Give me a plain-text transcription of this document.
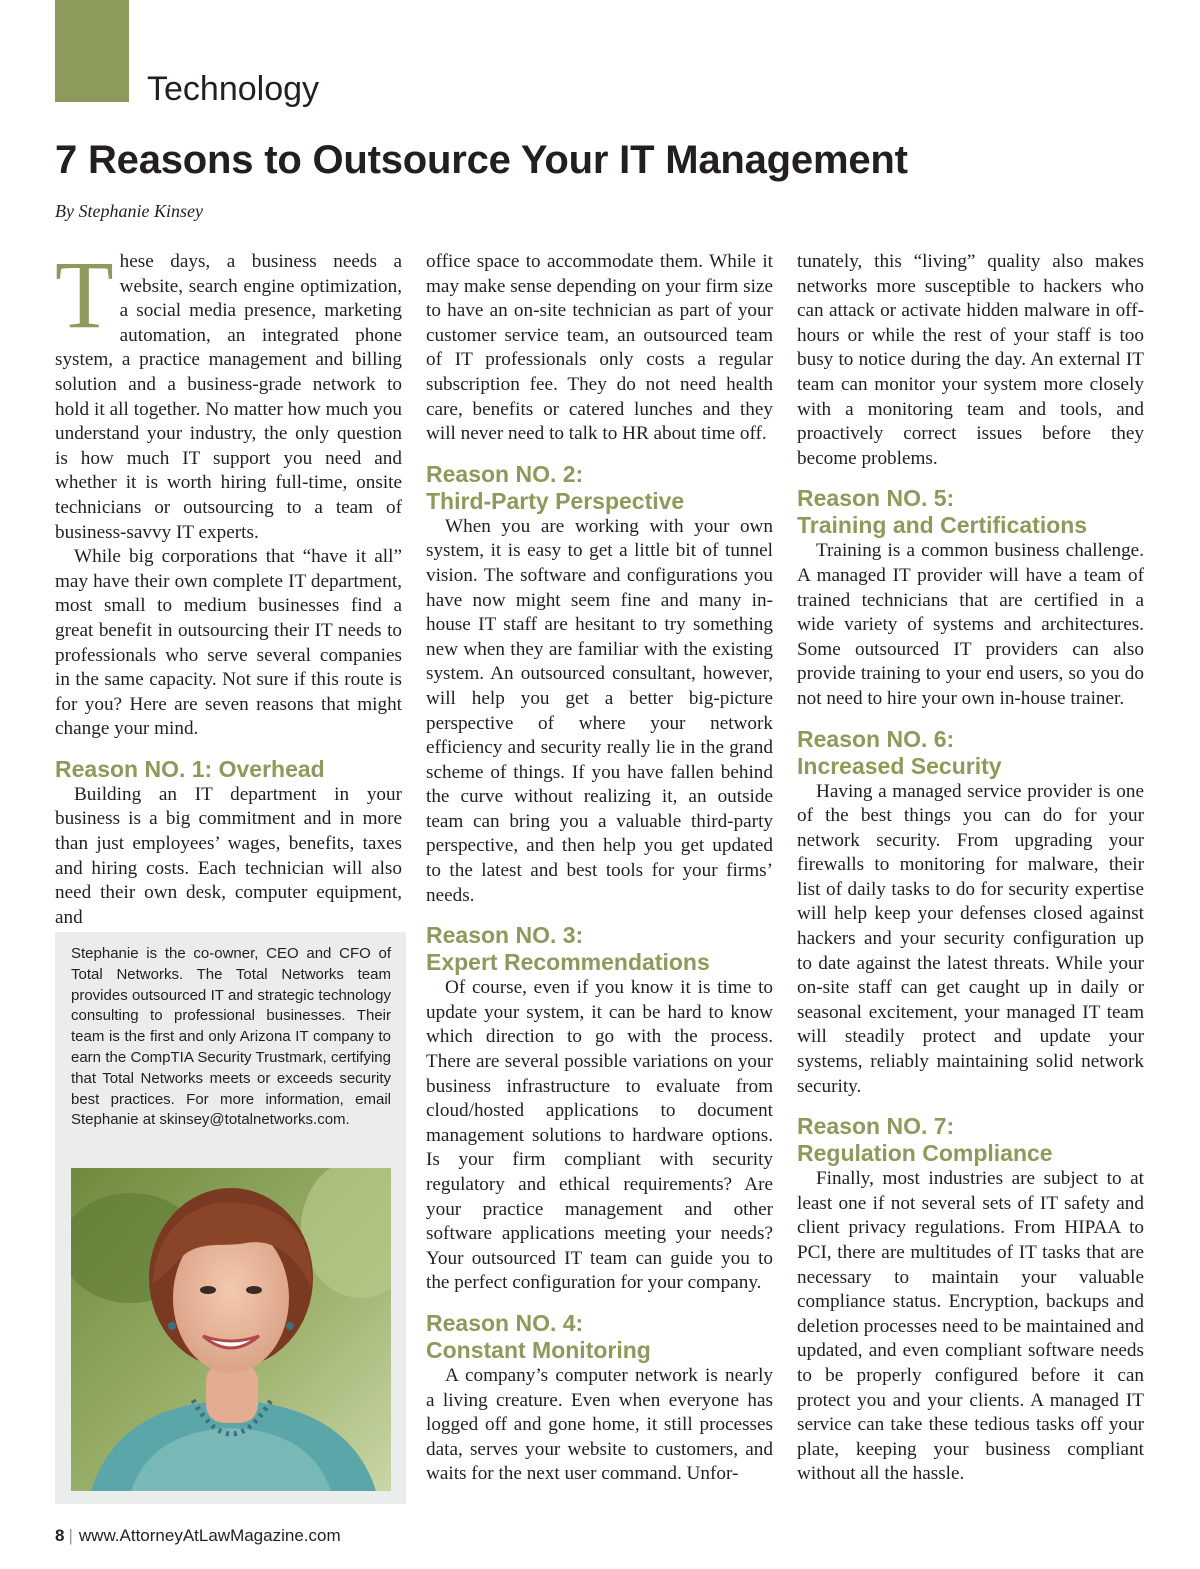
Technology
7 Reasons to Outsource Your IT Management
By Stephanie Kinsey

These days, a business needs a website, search engine optimization, a social media presence, marketing automation, an integrated phone system, a practice management and billing solution and a business-grade network to hold it all together. No matter how much you understand your industry, the only question is how much IT support you need and whether it is worth hiring full-time, onsite technicians or outsourcing to a team of business-savvy IT experts.

While big corporations that “have it all” may have their own complete IT department, most small to medium businesses find a great benefit in outsourcing their IT needs to professionals who serve several companies in the same capacity. Not sure if this route is for you? Here are seven reasons that might change your mind.

Reason NO. 1: Overhead

Building an IT department in your business is a big commitment and in more than just employees’ wages, benefits, taxes and hiring costs. Each technician will also need their own desk, computer equipment, and

Stephanie is the co-owner, CEO and CFO of Total Networks. The Total Networks team provides outsourced IT and strategic technology consulting to professional businesses. Their team is the first and only Arizona IT company to earn the CompTIA Security Trustmark, certifying that Total Networks meets or exceeds security best practices. For more information, email Stephanie at skinsey@totalnetworks.com.

office space to accommodate them. While it may make sense depending on your firm size to have an on-site technician as part of your customer service team, an outsourced team of IT professionals only costs a regular subscription fee. They do not need health care, benefits or catered lunches and they will never need to talk to HR about time off.

Reason NO. 2:
Third-Party Perspective

When you are working with your own system, it is easy to get a little bit of tunnel vision. The software and configurations you have now might seem fine and many in-house IT staff are hesitant to try something new when they are familiar with the existing system. An outsourced consultant, however, will help you get a better big-picture perspective of where your network efficiency and security really lie in the grand scheme of things. If you have fallen behind the curve without realizing it, an outside team can bring you a valuable third-party perspective, and then help you get updated to the latest and best tools for your firms’ needs.

Reason NO. 3:
Expert Recommendations

Of course, even if you know it is time to update your system, it can be hard to know which direction to go with the process. There are several possible variations on your business infrastructure to evaluate from cloud/hosted applications to document management solutions to hardware options. Is your firm compliant with security regulatory and ethical requirements? Are your practice management and other software applications meeting your needs? Your outsourced IT team can guide you to the perfect configuration for your company.

Reason NO. 4:
Constant Monitoring

A company’s computer network is nearly a living creature. Even when everyone has logged off and gone home, it still processes data, serves your website to customers, and waits for the next user command. Unfor-

tunately, this “living” quality also makes networks more susceptible to hackers who can attack or activate hidden malware in off-hours or while the rest of your staff is too busy to notice during the day. An external IT team can monitor your system more closely with a monitoring team and tools, and proactively correct issues before they become problems.

Reason NO. 5:
Training and Certifications

Training is a common business challenge. A managed IT provider will have a team of trained technicians that are certified in a wide variety of systems and architectures. Some outsourced IT providers can also provide training to your end users, so you do not need to hire your own in-house trainer.

Reason NO. 6:
Increased Security

Having a managed service provider is one of the best things you can do for your network security. From upgrading your firewalls to monitoring for malware, their list of daily tasks to do for security expertise will help keep your defenses closed against hackers and your security configuration up to date against the latest threats. While your on-site staff can get caught up in daily or seasonal excitement, your managed IT team will steadily protect and update your systems, reliably maintaining solid network security.

Reason NO. 7:
Regulation Compliance

Finally, most industries are subject to at least one if not several sets of IT safety and client privacy regulations. From HIPAA to PCI, there are multitudes of IT tasks that are necessary to maintain your valuable compliance status. Encryption, backups and deletion processes need to be maintained and updated, and even compliant software needs to be properly configured before it can protect you and your clients. A managed IT service can take these tedious tasks off your plate, keeping your business compliant without all the hassle.

8 | www.AttorneyAtLawMagazine.com
